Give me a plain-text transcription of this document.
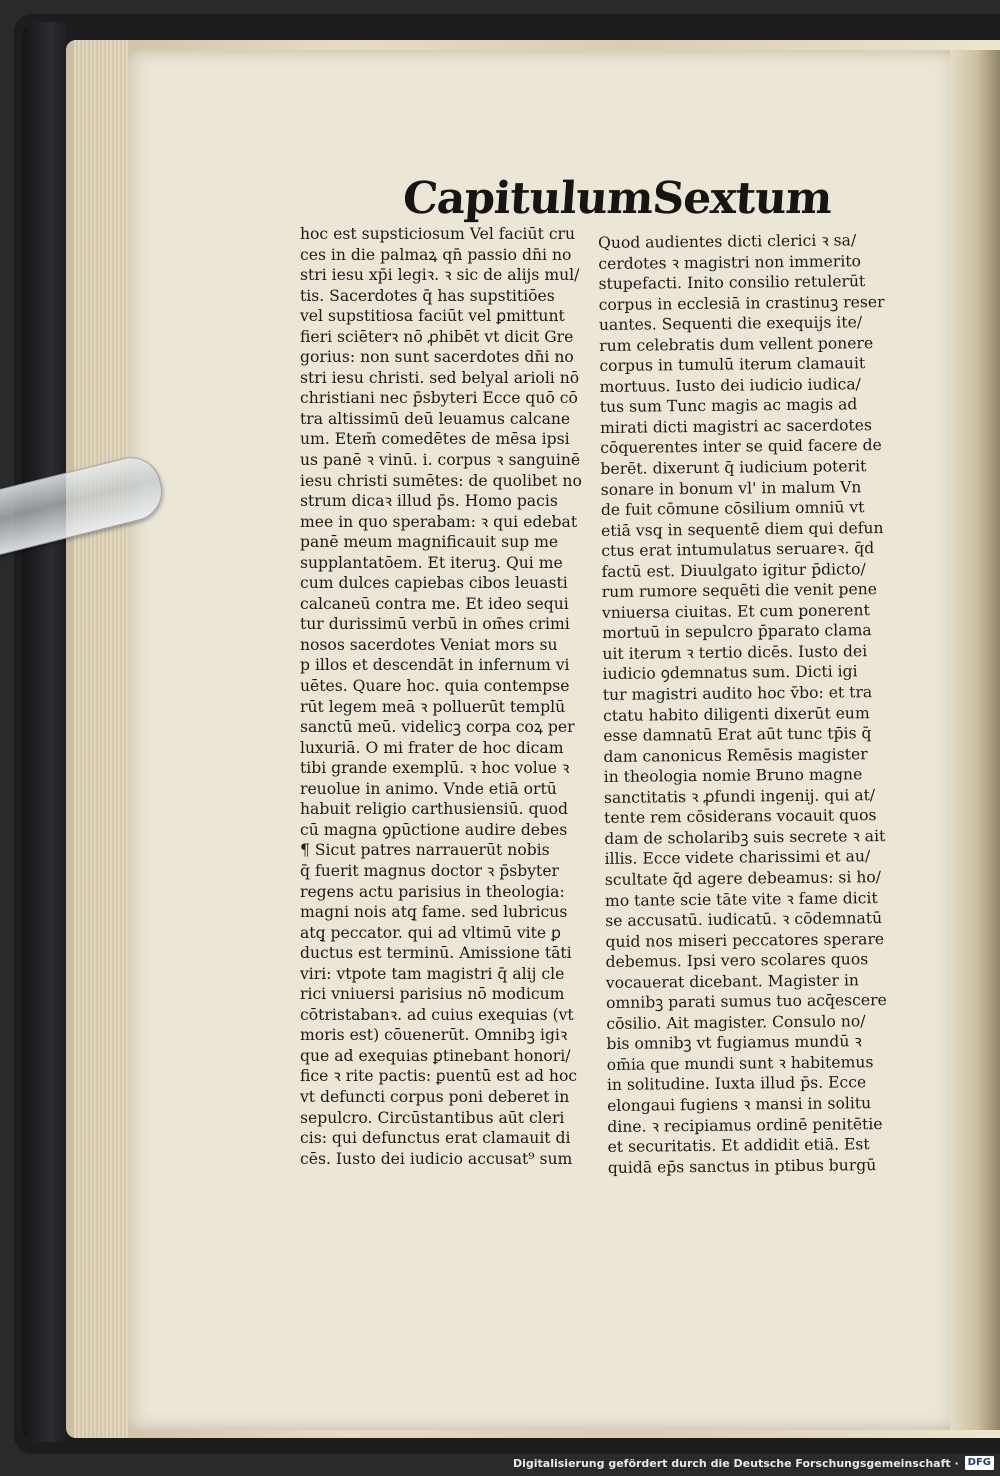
Capitulum
Sextum
hoc est supsticiosum Vel faciūt cru
ces in die palmaꝝ qn̄ passio dn̄i no
stri iesu xp̄i legiꝛ. ꝛ sic de alijs mul/
tis. Sacerdotes q̄ has supstitiōes
vel supstitiosa faciūt vel ꝑmittunt
fieri sciēterꝛ nō ꝓhibēt vt dicit Gre
gorius: non sunt sacerdotes dn̄i no
stri iesu christi. sed belyal arioli nō
christiani nec p̄sbyteri Ecce quō cō
tra altissimū deū leuamus calcane
um. Etem̄ comedētes de mēsa ipsi
us panē ꝛ vinū. i. corpus ꝛ sanguinē
iesu christi sumētes: de quolibet no
strum dicaꝛ illud p̄s. Homo pacis
mee in quo sperabam: ꝛ qui edebat
panē meum magnificauit sup me
supplantatōem. Et iteruꝫ. Qui me
cum dulces capiebas cibos leuasti
calcaneū contra me. Et ideo sequi
tur durissimū verbū in om̄es crimi
nosos sacerdotes Veniat mors su
p illos et descendāt in infernum vi
uētes. Quare hoc. quia contempse
rūt legem meā ꝛ polluerūt templū
sanctū meū. videlicꝫ corpa coꝝ per
luxuriā. O mi frater de hoc dicam
tibi grande exemplū. ꝛ hoc volue ꝛ
reuolue in animo. Vnde etiā ortū
habuit religio carthusiensiū. quod
cū magna ꝯpūctione audire debes
¶ Sicut patres narrauerūt nobis
q̄ fuerit magnus doctor ꝛ p̄sbyter
regens actu parisius in theologia:
magni nois atq̧ fame. sed lubricus
atq̧ peccator. qui ad vltimū vite ꝑ
ductus est terminū. Amissione tāti
viri: vtpote tam magistri q̄ alij cle
rici vniuersi parisius nō modicum
cōtristabanꝛ. ad cuius exequias (vt
moris est) cōuenerūt. Omnibꝫ igiꝛ
que ad exequias ꝑtinebant honori/
fice ꝛ rite pactis: ꝑuentū est ad hoc
vt defuncti corpus poni deberet in
sepulcro. Circūstantibus aūt cleri
cis: qui defunctus erat clamauit di
cēs. Iusto dei iudicio accusat⁹ sum
Quod audientes dicti clerici ꝛ sa/
cerdotes ꝛ magistri non immerito
stupefacti. Inito consilio retulerūt
corpus in ecclesiā in crastinuꝫ reser
uantes. Sequenti die exequijs ite/
rum celebratis dum vellent ponere
corpus in tumulū iterum clamauit
mortuus. Iusto dei iudicio iudica/
tus sum Tunc magis ac magis ad
mirati dicti magistri ac sacerdotes
cōquerentes inter se quid facere de
berēt. dixerunt q̄ iudicium poterit
sonare in bonum vl' in malum Vn
de fuit cōmune cōsilium omniū vt
etiā vsq̧ in sequentē diem qui defun
ctus erat intumulatus seruareꝛ. q̄d
factū est. Diuulgato igitur p̄dicto/
rum rumore sequēti die venit pene
vniuersa ciuitas. Et cum ponerent
mortuū in sepulcro p̄parato clama
uit iterum ꝛ tertio dicēs. Iusto dei
iudicio ꝯdemnatus sum. Dicti igi
tur magistri audito hoc v̄bo: et tra
ctatu habito diligenti dixerūt eum
esse damnatū Erat aūt tunc tp̄is q̄
dam canonicus Remēsis magister
in theologia nomie Bruno magne
sanctitatis ꝛ ꝓfundi ingenij. qui at/
tente rem cōsiderans vocauit quos
dam de scholaribꝫ suis secrete ꝛ ait
illis. Ecce videte charissimi et au/
scultate q̄d agere debeamus: si ho/
mo tante scie tāte vite ꝛ fame dicit
se accusatū. iudicatū. ꝛ cōdemnatū
quid nos miseri peccatores sperare
debemus. Ipsi vero scolares quos
vocauerat dicebant. Magister in
omnibꝫ parati sumus tuo acq̄escere
cōsilio. Ait magister. Consulo no/
bis omnibꝫ vt fugiamus mundū ꝛ
om̄ia que mundi sunt ꝛ habitemus
in solitudine. Iuxta illud p̄s. Ecce
elongaui fugiens ꝛ mansi in solitu
dine. ꝛ recipiamus ordinē penitētie
et securitatis. Et addidit etiā. Est
quidā ep̄s sanctus in ptibus burgū
Digitalisierung gefördert durch die Deutsche Forschungsgemeinschaft · DFG
